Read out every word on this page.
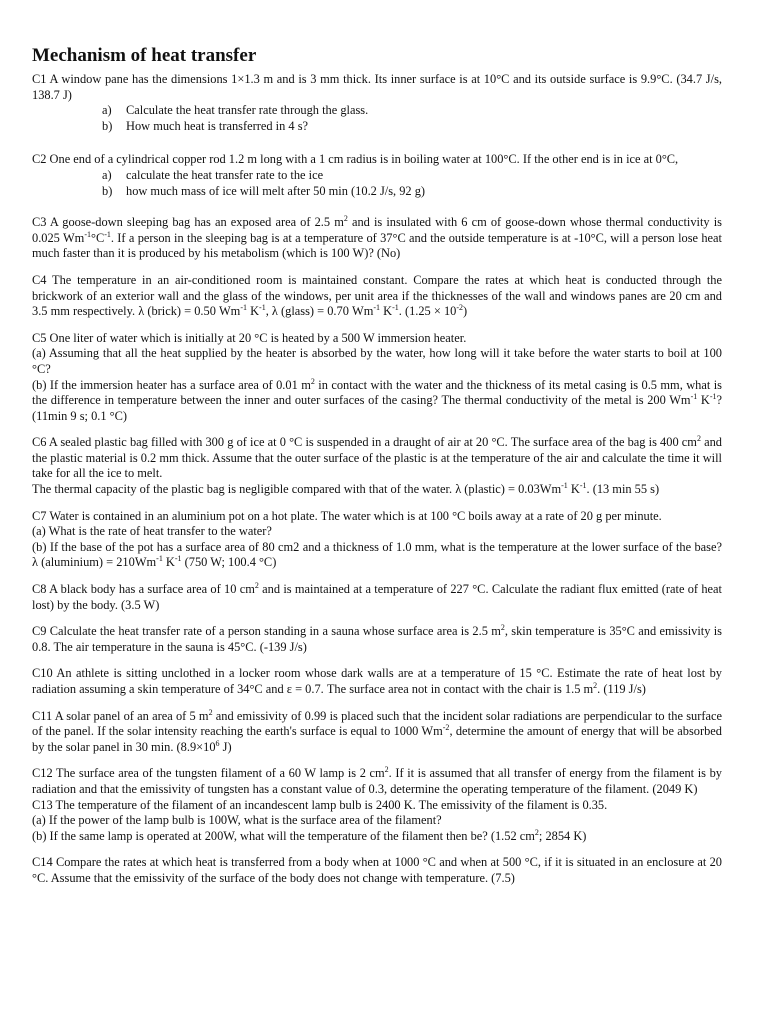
Mechanism of heat transfer

C1 A window pane has the dimensions 1×1.3 m and is 3 mm thick. Its inner surface is at 10°C and its outside surface is 9.9°C. (34.7 J/s, 138.7 J)

a)	Calculate the heat transfer rate through the glass.
b)	How much heat is transferred in 4 s?

C2 One end of a cylindrical copper rod 1.2 m long with a 1 cm radius is in boiling water at 100°C. If the other end is in ice at 0°C,

a)	calculate the heat transfer rate to the ice
b)	how much mass of ice will melt after 50 min (10.2 J/s, 92 g)

C3 A goose-down sleeping bag has an exposed area of 2.5 $m^2$ and is insulated with 6 cm of goose-down whose thermal conductivity is 0.025 $Wm^{-1}^\circ C^{-1}$. If a person in the sleeping bag is at a temperature of 37°C and the outside temperature is at -10°C, will a person lose heat much faster than it is produced by his metabolism (which is 100 W)? (No)

C4 The temperature in an air-conditioned room is maintained constant. Compare the rates at which heat is conducted through the brickwork of an exterior wall and the glass of the windows, per unit area if the thicknesses of the wall and windows panes are 20 cm and 3.5 mm respectively. λ (brick) = 0.50 $Wm^{-1}$ $K^{-1}$, λ (glass) = 0.70 $Wm^{-1}$ $K^{-1}$. $(1.25 \times 10^{-2})$

C5 One liter of water which is initially at 20 °C is heated by a 500 W immersion heater.

(a) Assuming that all the heat supplied by the heater is absorbed by the water, how long will it take before the water starts to boil at 100 °C?

(b) If the immersion heater has a surface area of 0.01 $m^2$ in contact with the water and the thickness of its metal casing is 0.5 mm, what is the difference in temperature between the inner and outer surfaces of the casing? The thermal conductivity of the metal is 200 $Wm^{-1}$ $K^{-1}$? (11min 9 s; 0.1 °C)

C6 A sealed plastic bag filled with 300 g of ice at 0 °C is suspended in a draught of air at 20 °C. The surface area of the bag is 400 $cm^2$ and the plastic material is 0.2 mm thick. Assume that the outer surface of the plastic is at the temperature of the air and calculate the time it will take for all the ice to melt.

The thermal capacity of the plastic bag is negligible compared with that of the water. λ (plastic) = $0.03Wm^{-1}$ $K^{-1}$. (13 min 55 s)

C7 Water is contained in an aluminium pot on a hot plate. The water which is at 100 °C boils away at a rate of 20 g per minute.

(a) What is the rate of heat transfer to the water?

(b) If the base of the pot has a surface area of 80 cm2 and a thickness of 1.0 mm, what is the temperature at the lower surface of the base? λ (aluminium) = $210Wm^{-1}$ $K^{-1}$ (750 W; 100.4 °C)

C8 A black body has a surface area of 10 $cm^2$ and is maintained at a temperature of 227 °C. Calculate the radiant flux emitted (rate of heat lost) by the body. (3.5 W)

C9 Calculate the heat transfer rate of a person standing in a sauna whose surface area is 2.5 $m^2$, skin temperature is 35°C and emissivity is 0.8. The air temperature in the sauna is 45°C. (-139 J/s)

C10 An athlete is sitting unclothed in a locker room whose dark walls are at a temperature of 15 °C. Estimate the rate of heat lost by radiation assuming a skin temperature of 34°C and ε = 0.7. The surface area not in contact with the chair is 1.5 $m^2$. (119 J/s)

C11 A solar panel of an area of 5 $m^2$ and emissivity of 0.99 is placed such that the incident solar radiations are perpendicular to the surface of the panel. If the solar intensity reaching the earth's surface is equal to 1000 $Wm^{-2}$, determine the amount of energy that will be absorbed by the solar panel in 30 min. ($8.9\times 10^6$ J)

C12 The surface area of the tungsten filament of a 60 W lamp is 2 $cm^2$. If it is assumed that all transfer of energy from the filament is by radiation and that the emissivity of tungsten has a constant value of 0.3, determine the operating temperature of the filament. (2049 K)

C13 The temperature of the filament of an incandescent lamp bulb is 2400 K. The emissivity of the filament is 0.35.

(a) If the power of the lamp bulb is 100W, what is the surface area of the filament?

(b) If the same lamp is operated at 200W, what will the temperature of the filament then be? (1.52 $cm^2$; 2854 K)

C14 Compare the rates at which heat is transferred from a body when at 1000 °C and when at 500 °C, if it is situated in an enclosure at 20 °C. Assume that the emissivity of the surface of the body does not change with temperature. (7.5)
